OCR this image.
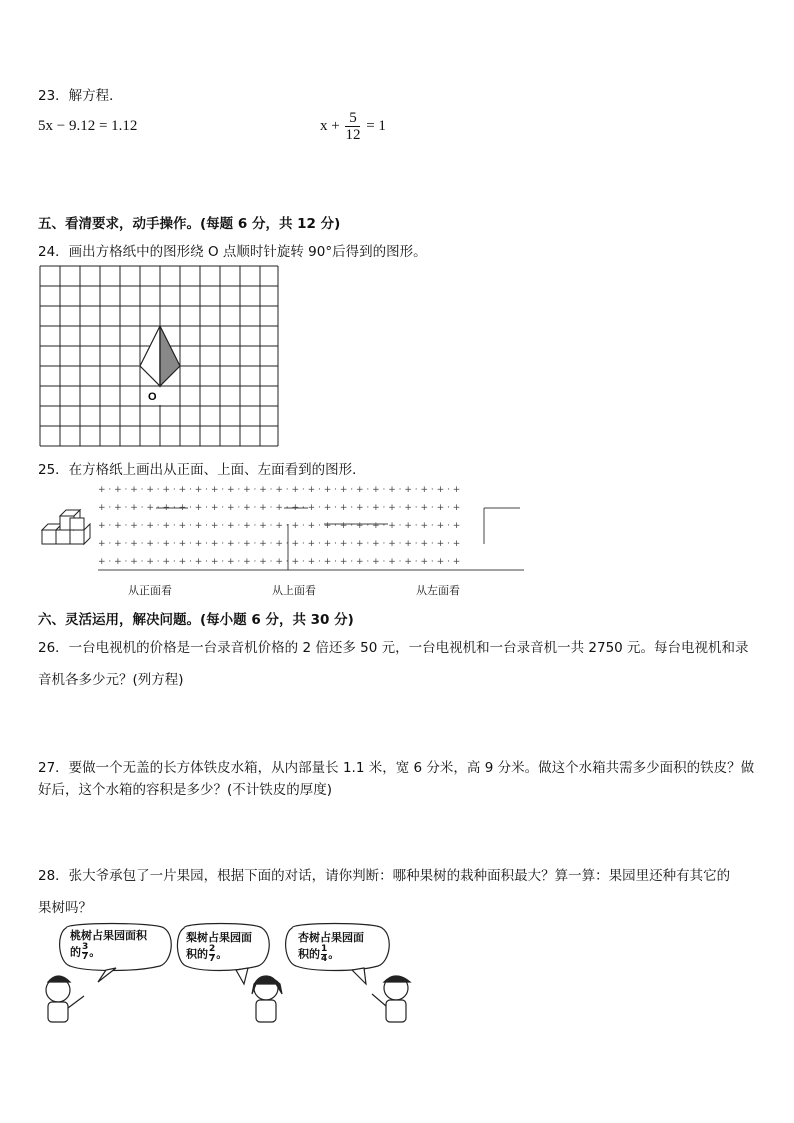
23．解方程．
5x − 9.12 = 1.12	$x + \frac{5}{12} = 1$
五、看清要求，动手操作。(每题 6 分，共 12 分)
24．画出方格纸中的图形绕 O 点顺时针旋转 90°后得到的图形。
O
25．在方格纸上画出从正面、上面、左面看到的图形．
+ · + · + · + · + · + · + · + · + · + · + · + · + · + · + · + · + · + · + · + · + · + · +
+ · + · + · + · + · + · + · + · + · + · + · + · + · + · + · + · + · + · + · + · + · + · +
+ · + · + · + · + · + · + · + · + · + · + · + · + · + · + · + · + · + · + · + · + · + · +
+ · + · + · + · + · + · + · + · + · + · + · + · + · + · + · + · + · + · + · + · + · + · +
+ · + · + · + · + · + · + · + · + · + · + · + · + · + · + · + · + · + · + · + · + · + · +
从正面看	从上面看	从左面看
六、灵活运用，解决问题。(每小题 6 分，共 30 分)
26．一台电视机的价格是一台录音机价格的 2 倍还多 50 元，一台电视机和一台录音机一共 2750 元。每台电视机和录
音机各多少元？(列方程)
27．要做一个无盖的长方体铁皮水箱，从内部量长 1.1 米，宽 6 分米，高 9 分米。做这个水箱共需多少面积的铁皮？做
好后，这个水箱的容积是多少？(不计铁皮的厚度)
28．张大爷承包了一片果园，根据下面的对话，请你判断：哪种果树的栽种面积最大？算一算：果园里还种有其它的
果树吗？
桃树占果园面积
的 $\frac{3}{7}$ 。
梨树占果园面
积的 $\frac{2}{7}$ 。
杏树占果园面
积的 $\frac{1}{4}$ 。
